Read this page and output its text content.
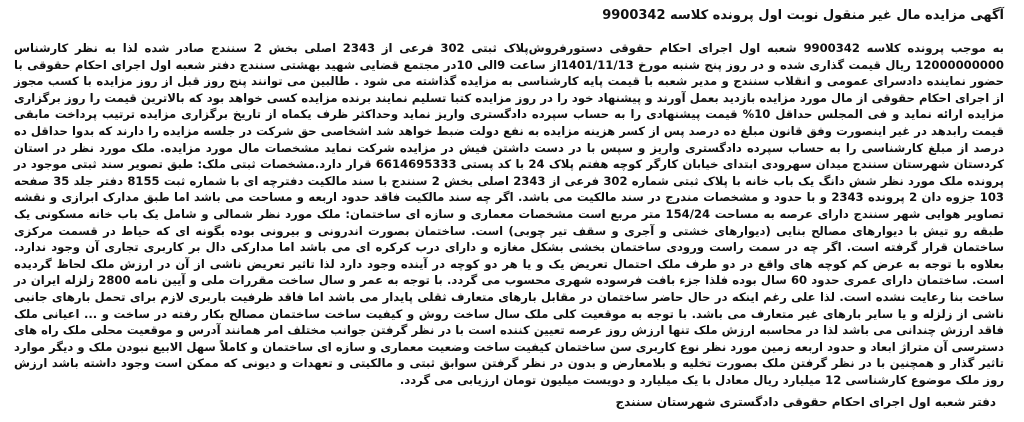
آگهی مزایده مال غیر منقول نوبت اول پرونده کلاسه 9900342
به موجب پرونده کلاسه 9900342 شعبه اول اجرای احکام حقوقی دستورفروش‌پلاک ثبتی 302 فرعی از 2343 اصلی بخش 2 سنندج صادر شده لذا به نظر کارشناس 12000000000 ریال قیمت گذاری شده و در روز پنج شنبه مورخ 1401/11/13از ساعت 9الی 10در مجتمع قضایی شهید بهشتی سنندج دفتر شعبه اول اجرای احکام حقوقی با حضور نماینده دادسرای عمومی و انقلاب سنندج و مدیر شعبه با قیمت پایه کارشناسی به مزایده گذاشته می شود . طالبین می توانند پنج روز قبل از روز مزایده با کسب مجوز از اجرای احکام حقوقی از مال مورد مزایده بازدید بعمل آورند و پیشنهاد خود را در روز مزایده کتبا تسلیم نمایند برنده مزایده کسی خواهد بود که بالاترین قیمت را روز برگزاری مزایده ارائه نماید و فی المجلس حداقل 10% قیمت پیشنهادی را به حساب سپرده دادگستری واریز نماید وحداکثر ظرف یکماه از تاریخ برگزاری مزایده ترتیب پرداخت مابقی قیمت رابدهد در غیر اینصورت وفق قانون مبلغ ده درصد پس از کسر هزینه مزایده به نفع دولت ضبط خواهد شد اشخاصی حق شرکت در جلسه مزایده را دارند که بدوا حداقل ده درصد از مبلغ کارشناسی را به حساب سپرده دادگستری واریز و سپس با در دست داشتن فیش در مزایده شرکت نماید مشخصات مال مورد مزایده. ملک مورد نظر در استان کردستان شهرستان سنندج میدان سهرودی ابتدای خیابان کارگر کوچه هفتم پلاک 24 با کد پستی 6614695333 قرار دارد.مشخصات ثبتی ملک: طبق تصویر سند ثبتی موجود در پرونده ملک مورد نظر شش دانگ یک باب خانه با پلاک ثبتی شماره 302 فرعی از 2343 اصلی بخش 2 سنندج با سند مالکیت دفترچه ای با شماره ثبت 8155 دفتر جلد 35 صفحه 103 جزوه دان 2 پرونده 2343 و با حدود و مشخصات مندرج در سند مالکیت می باشد. اگر چه سند مالکیت فاقد حدود اربعه و مساحت می باشد اما طبق مدارک ابرازی و نقشه تصاویر هوایی شهر سنندج دارای عرصه به مساحت 154/24 متر مربع است مشخصات معماری و سازه ای ساختمان: ملک مورد نظر شمالی و شامل یک باب خانه مسکونی یک طبقه رو تیش با دیوارهای مصالح بنایی (دیوارهای خشتی و آجری و سقف تیر چوبی) است. ساختمان بصورت اندرونی و بیرونی بوده بگونه ای که حیاط در قسمت مرکزی ساختمان قرار گرفته است. اگر چه در سمت راست ورودی ساختمان بخشی بشکل مغازه و دارای درب کرکره ای می باشد اما مدارکی دال بر کاربری تجاری آن وجود ندارد. بعلاوه با توجه به عرض کم کوچه های واقع در دو طرف ملک احتمال تعریض یک و یا هر دو کوچه در آینده وجود دارد لذا تاثیر تعریض ناشی از آن در ارزش ملک لحاظ گردیده است. ساختمان دارای عمری حدود 60 سال بوده فلذا جزء بافت فرسوده شهری محسوب می گردد. با توجه به عمر و سال ساخت مقررات ملی و آیین نامه 2800 زلزله ایران در ساخت بنا رعایت نشده است. لذا علی رغم اینکه در حال حاضر ساختمان در مقابل بارهای متعارف ثقلی پایدار می باشد اما فاقد ظرفیت باربری لازم برای تحمل بارهای جانبی ناشی از زلزله و یا سایر بارهای غیر متعارف می باشد. با توجه به موقعیت کلی ملک سال ساخت روش و کیفیت ساخت ساختمان مصالح بکار رفته در ساخت و ... اعیانی ملک فاقد ارزش چندانی می باشد لذا در محاسبه ارزش ملک تنها ارزش روز عرصه تعیین کننده است با در نظر گرفتن جوانب مختلف امر همانند آدرس و موقعیت محلی ملک راه های دسترسی آن متراژ ابعاد و حدود اربعه زمین مورد نظر نوع کاربری سن ساختمان کیفیت ساخت وضعیت معماری و سازه ای ساختمان و کاملاً سهل الابیع نبودن ملک و دیگر موارد تاثیر گذار و همچنین با در نظر گرفتن ملک بصورت تخلیه و بلامعارض و بدون در نظر گرفتن سوابق ثبتی و مالکیتی و تعهدات و دیونی که ممکن است وجود داشته باشد ارزش روز ملک موضوع کارشناسی 12 میلیارد ریال معادل با یک میلیارد و دویست میلیون تومان ارزیابی می گردد.
دفتر شعبه اول اجرای احکام حقوقی دادگستری شهرستان سنندج
